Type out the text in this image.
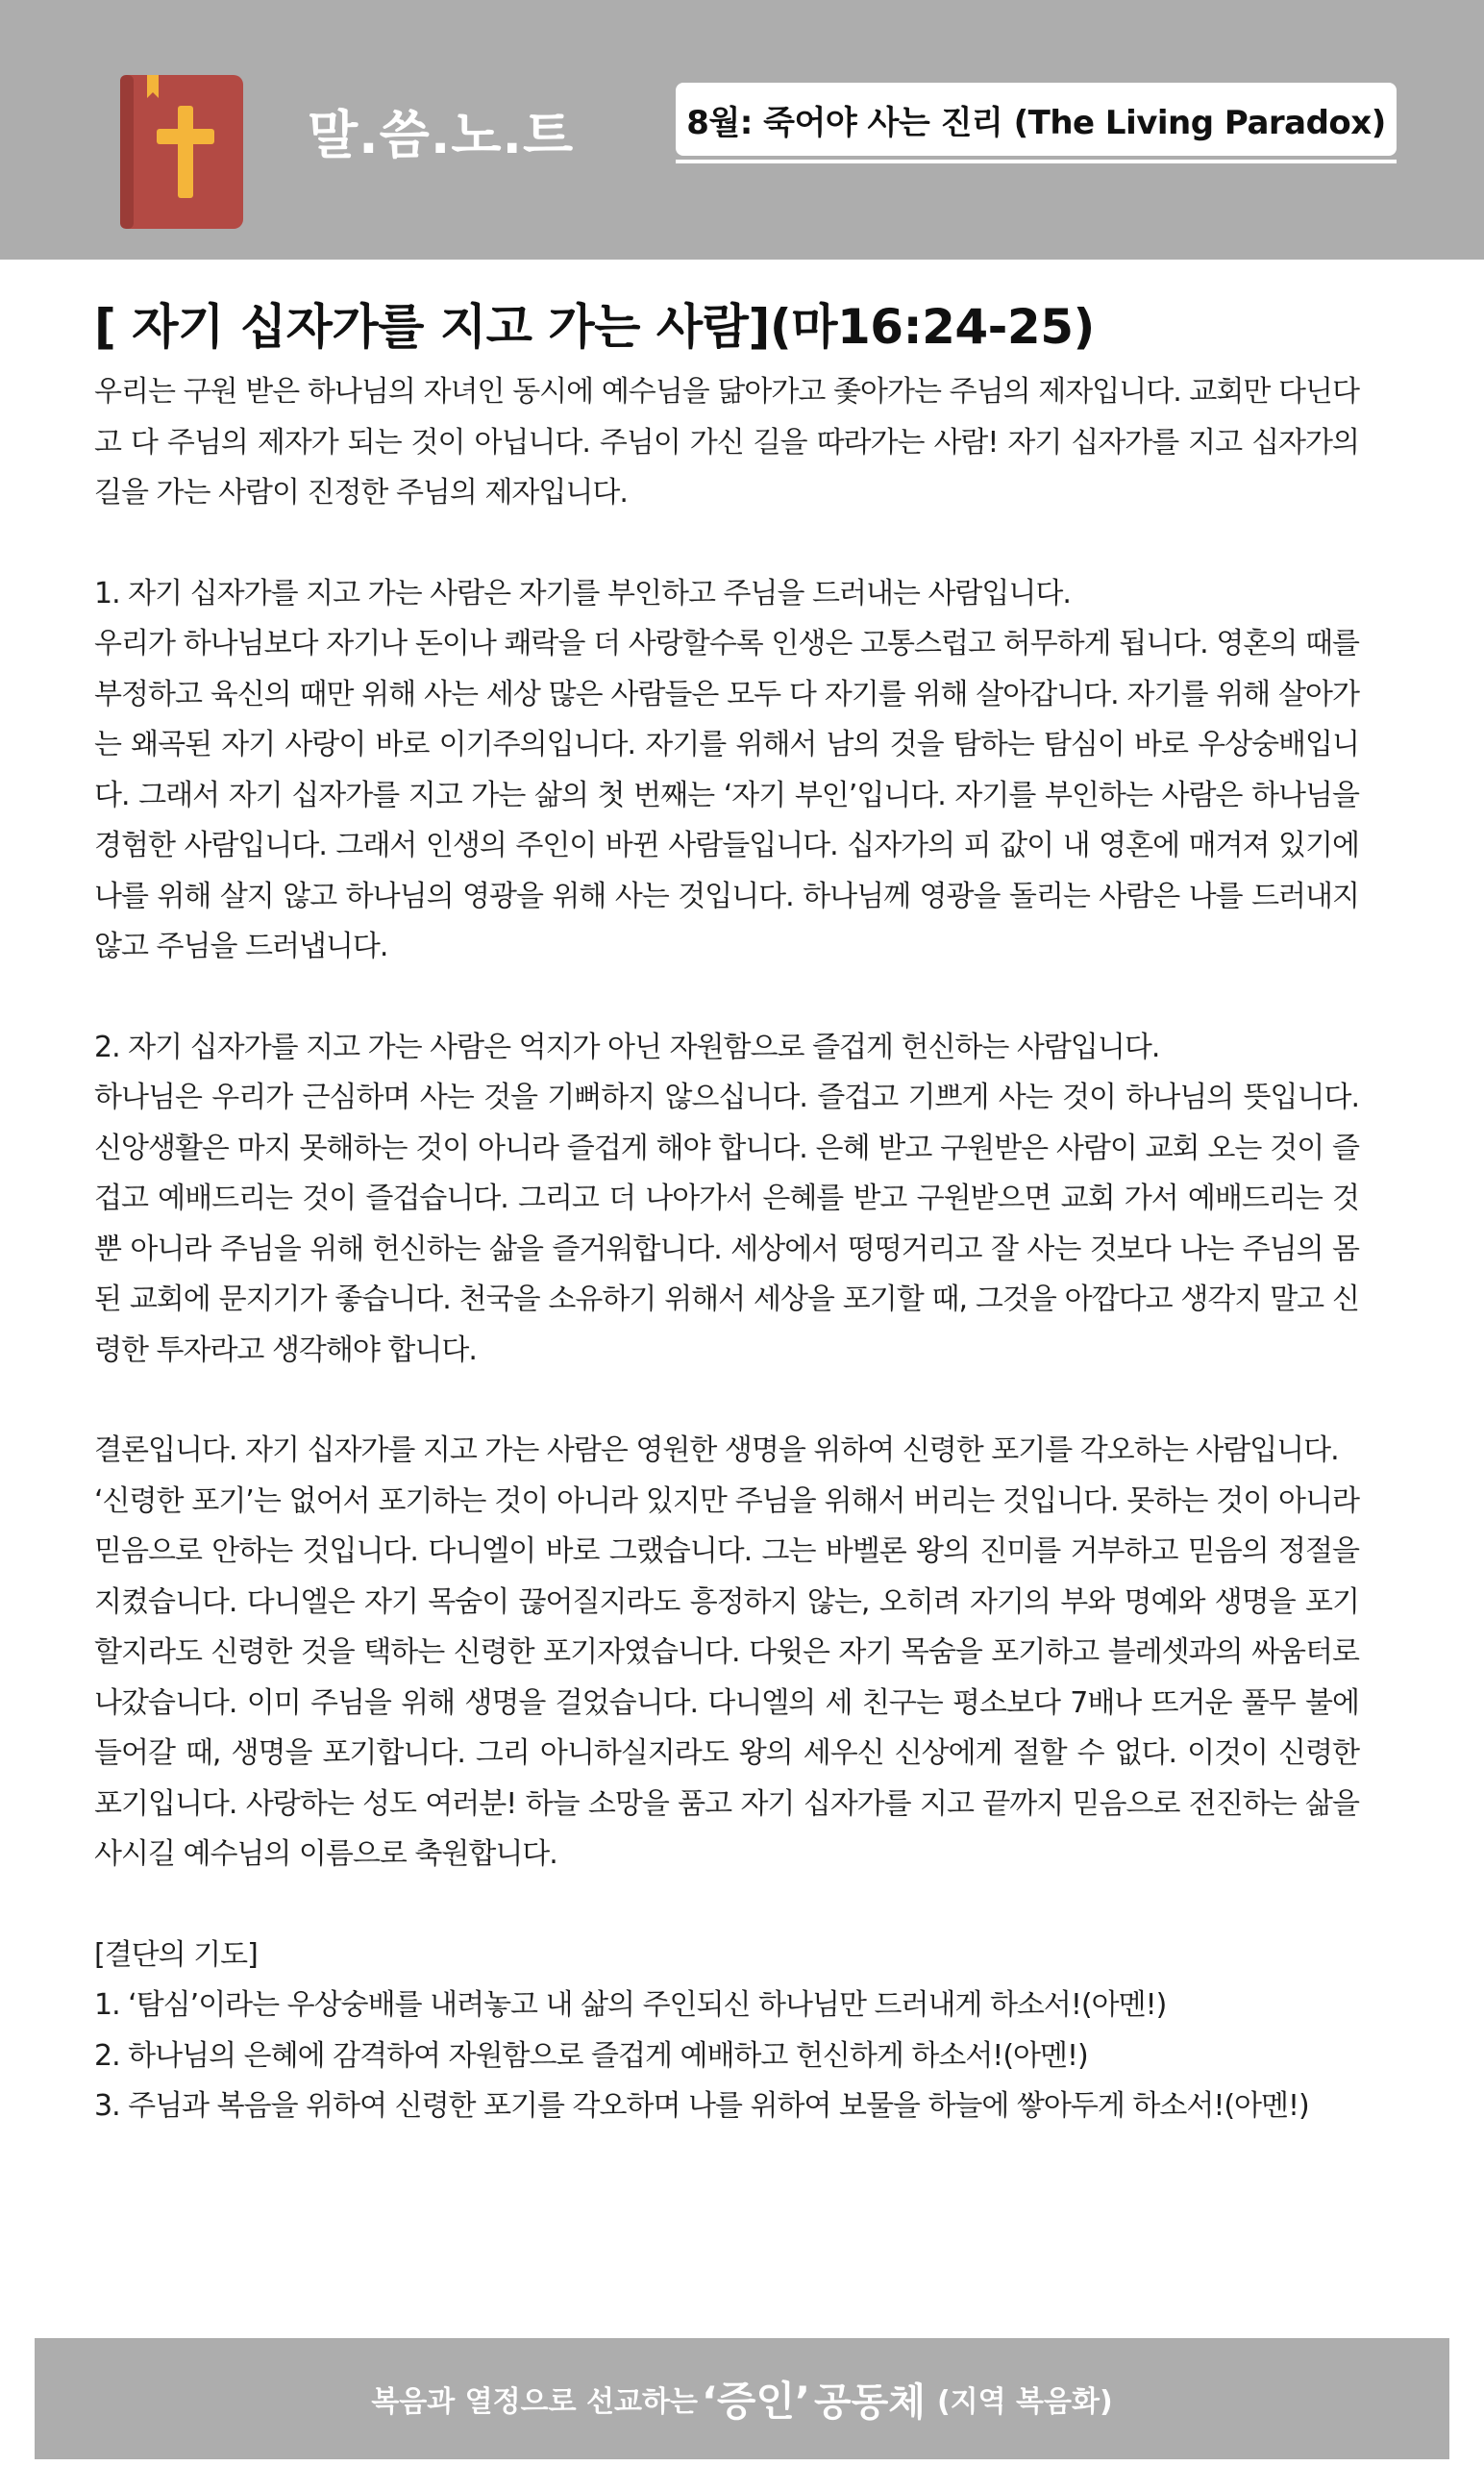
말.씀.노.트	8월: 죽어야 사는 진리 (The Living Paradox)
[ 자기 십자가를 지고 가는 사람](마16:24-25)

우리는 구원 받은 하나님의 자녀인 동시에 예수님을 닮아가고 좇아가는 주님의 제자입니다. 교회만 다닌다고 다 주님의 제자가 되는 것이 아닙니다. 주님이 가신 길을 따라가는 사람! 자기 십자가를 지고 십자가의 길을 가는 사람이 진정한 주님의 제자입니다.

1. 자기 십자가를 지고 가는 사람은 자기를 부인하고 주님을 드러내는 사람입니다.

우리가 하나님보다 자기나 돈이나 쾌락을 더 사랑할수록 인생은 고통스럽고 허무하게 됩니다. 영혼의 때를 부정하고 육신의 때만 위해 사는 세상 많은 사람들은 모두 다 자기를 위해 살아갑니다. 자기를 위해 살아가는 왜곡된 자기 사랑이 바로 이기주의입니다. 자기를 위해서 남의 것을 탐하는 탐심이 바로 우상숭배입니다. 그래서 자기 십자가를 지고 가는 삶의 첫 번째는 ‘자기 부인’입니다. 자기를 부인하는 사람은 하나님을 경험한 사람입니다. 그래서 인생의 주인이 바뀐 사람들입니다. 십자가의 피 값이 내 영혼에 매겨져 있기에 나를 위해 살지 않고 하나님의 영광을 위해 사는 것입니다. 하나님께 영광을 돌리는 사람은 나를 드러내지 않고 주님을 드러냅니다.

2. 자기 십자가를 지고 가는 사람은 억지가 아닌 자원함으로 즐겁게 헌신하는 사람입니다.

하나님은 우리가 근심하며 사는 것을 기뻐하지 않으십니다. 즐겁고 기쁘게 사는 것이 하나님의 뜻입니다. 신앙생활은 마지 못해하는 것이 아니라 즐겁게 해야 합니다. 은혜 받고 구원받은 사람이 교회 오는 것이 즐겁고 예배드리는 것이 즐겁습니다. 그리고 더 나아가서 은혜를 받고 구원받으면 교회 가서 예배드리는 것 뿐 아니라 주님을 위해 헌신하는 삶을 즐거워합니다. 세상에서 떵떵거리고 잘 사는 것보다 나는 주님의 몸 된 교회에 문지기가 좋습니다. 천국을 소유하기 위해서 세상을 포기할 때, 그것을 아깝다고 생각지 말고 신령한 투자라고 생각해야 합니다.

결론입니다. 자기 십자가를 지고 가는 사람은 영원한 생명을 위하여 신령한 포기를 각오하는 사람입니다.

‘신령한 포기’는 없어서 포기하는 것이 아니라 있지만 주님을 위해서 버리는 것입니다. 못하는 것이 아니라 믿음으로 안하는 것입니다. 다니엘이 바로 그랬습니다. 그는 바벨론 왕의 진미를 거부하고 믿음의 정절을 지켰습니다. 다니엘은 자기 목숨이 끊어질지라도 흥정하지 않는, 오히려 자기의 부와 명예와 생명을 포기할지라도 신령한 것을 택하는 신령한 포기자였습니다. 다윗은 자기 목숨을 포기하고 블레셋과의 싸움터로 나갔습니다. 이미 주님을 위해 생명을 걸었습니다. 다니엘의 세 친구는 평소보다 7배나 뜨거운 풀무 불에 들어갈 때, 생명을 포기합니다. 그리 아니하실지라도 왕의 세우신 신상에게 절할 수 없다. 이것이 신령한 포기입니다. 사랑하는 성도 여러분! 하늘 소망을 품고 자기 십자가를 지고 끝까지 믿음으로 전진하는 삶을 사시길 예수님의 이름으로 축원합니다.

[결단의 기도]

1. ‘탐심’이라는 우상숭배를 내려놓고 내 삶의 주인되신 하나님만 드러내게 하소서!(아멘!)

2. 하나님의 은혜에 감격하여 자원함으로 즐겁게 예배하고 헌신하게 하소서!(아멘!)

3. 주님과 복음을 위하여 신령한 포기를 각오하며 나를 위하여 보물을 하늘에 쌓아두게 하소서!(아멘!)

복음과 열정으로 선교하는 ‘증인’ 공동체 (지역 복음화)
